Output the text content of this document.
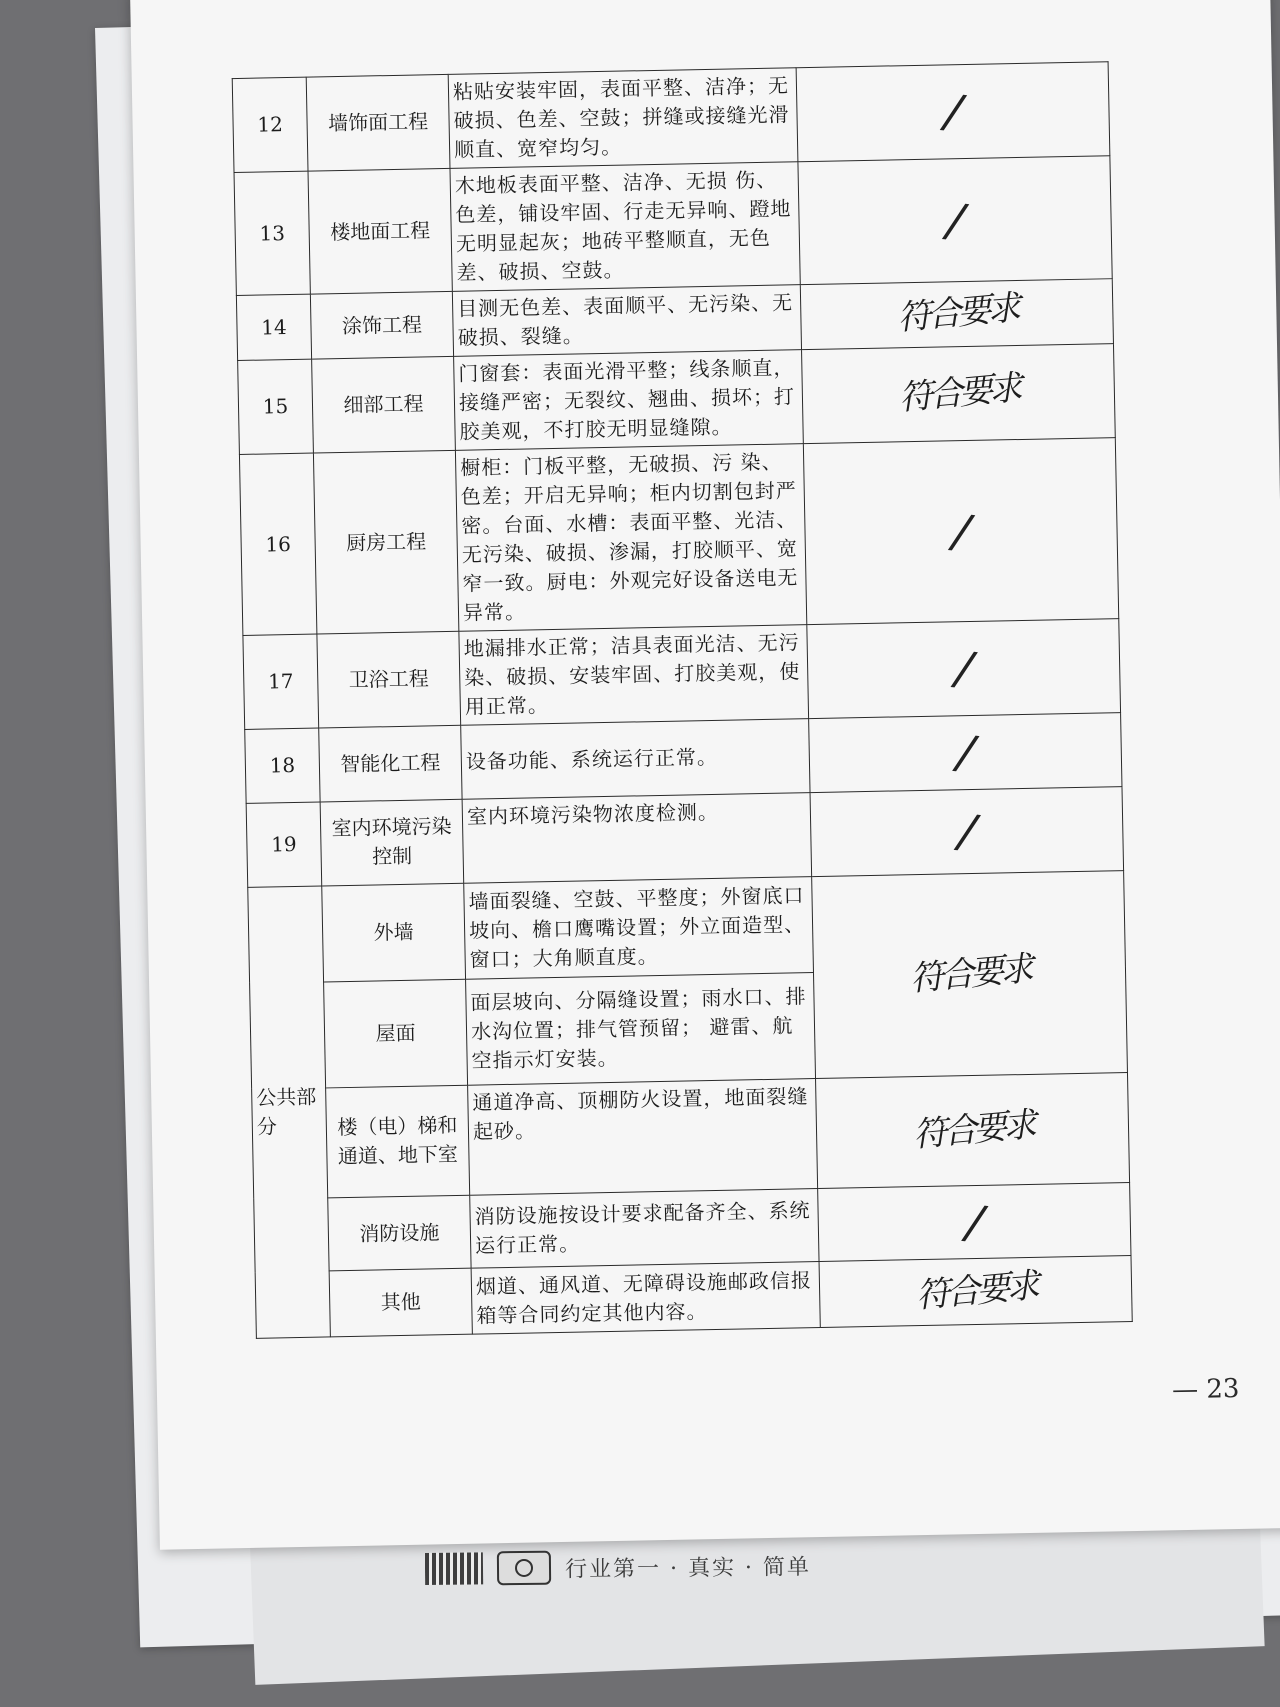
12	墙饰面工程	粘贴安装牢固，表面平整、洁净；无破损、色差、空鼓；拼缝或接缝光滑顺直、宽窄均匀。	/
13	楼地面工程	木地板表面平整、洁净、无损 伤、色差，铺设牢固、行走无异响、蹬地无明显起灰；地砖平整顺直，无色差、破损、空鼓。	/
14	涂饰工程	目测无色差、表面顺平、无污染、无破损、裂缝。	符合要求
15	细部工程	门窗套：表面光滑平整；线条顺直，接缝严密；无裂纹、翘曲、损坏；打胶美观，不打胶无明显缝隙。	符合要求
16	厨房工程	橱柜：门板平整，无破损、污 染、色差；开启无异响；柜内切割包封严密。台面、水槽：表面平整、光洁、无污染、破损、渗漏，打胶顺平、宽窄一致。厨电：外观完好设备送电无异常。	/
17	卫浴工程	地漏排水正常；洁具表面光洁、无污染、破损、安装牢固、打胶美观，使用正常。	/
18	智能化工程	设备功能、系统运行正常。	/
19	室内环境污染控制	室内环境污染物浓度检测。	/
公共部分	外墙	墙面裂缝、空鼓、平整度；外窗底口坡向、檐口鹰嘴设置；外立面造型、窗口；大角顺直度。	符合要求
	屋面	面层坡向、分隔缝设置；雨水口、排水沟位置；排气管预留； 避雷、航空指示灯安装。	
	楼（电）梯和通道、地下室	通道净高、顶棚防火设置，地面裂缝起砂。	符合要求
	消防设施	消防设施按设计要求配备齐全、系统运行正常。	/
	其他	烟道、通风道、无障碍设施邮政信报箱等合同约定其他内容。	符合要求
— 23
行业第一 · 真实 · 简单
